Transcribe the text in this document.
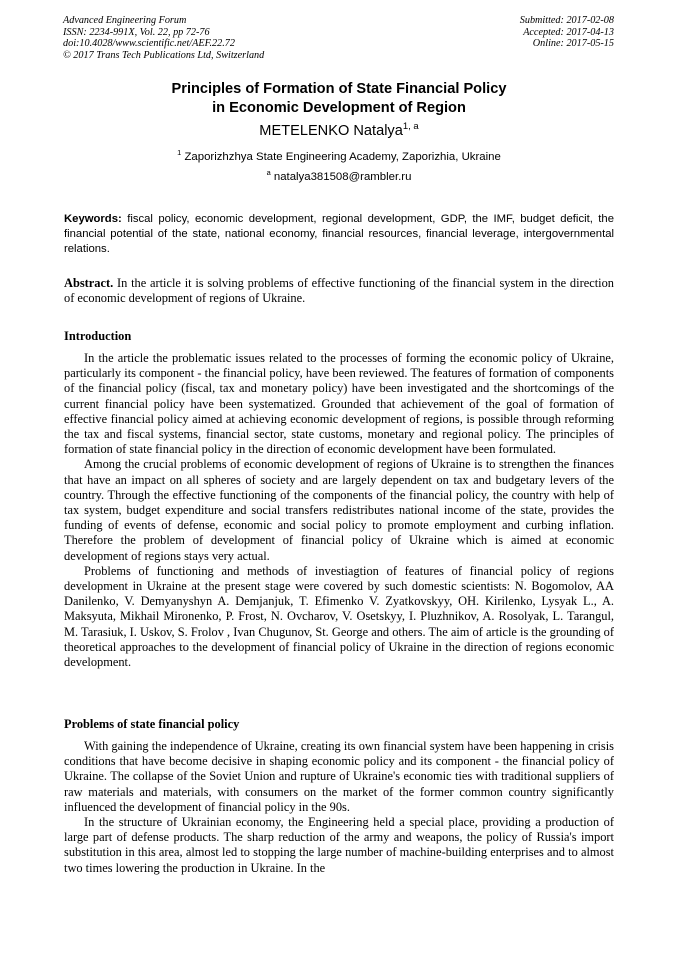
Advanced Engineering Forum
ISSN: 2234-991X, Vol. 22, pp 72-76
doi:10.4028/www.scientific.net/AEF.22.72
© 2017 Trans Tech Publications Ltd, Switzerland
Submitted: 2017-02-08
Accepted: 2017-04-13
Online: 2017-05-15
Principles of Formation of State Financial Policy
in Economic Development of Region
METELENKO Natalya$^{1, a}$
$^1$ Zaporizhzhya State Engineering Academy, Zaporizhia, Ukraine
$^a$ natalya381508@rambler.ru
Keywords: fiscal policy, economic development, regional development, GDP, the IMF, budget deficit, the financial potential of the state, national economy, financial resources, financial leverage, intergovernmental relations.
Abstract. In the article it is solving problems of effective functioning of the financial system in the direction of economic development of regions of Ukraine.
Introduction

In the article the problematic issues related to the processes of forming the economic policy of Ukraine, particularly its component - the financial policy, have been reviewed. The features of formation of components of the financial policy (fiscal, tax and monetary policy) have been investigated and the shortcomings of the current financial policy have been systematized. Grounded that achievement of the goal of formation of effective financial policy aimed at achieving economic development of regions, is possible through reforming the tax and fiscal systems, financial sector, state customs, monetary and regional policy. The principles of formation of state financial policy in the direction of economic development have been formulated.

Among the crucial problems of economic development of regions of Ukraine is to strengthen the finances that have an impact on all spheres of society and are largely dependent on tax and budgetary levers of the country. Through the effective functioning of the components of the financial policy, the country with help of tax system, budget expenditure and social transfers redistributes national income of the state, provides the funding of events of defense, economic and social policy to promote employment and curbing inflation. Therefore the problem of development of financial policy of Ukraine which is aimed at economic development of regions stays very actual.

Problems of functioning and methods of investiagtion of features of financial policy of regions development in Ukraine at the present stage were covered by such domestic scientists: N. Bogomolov, AA Danilenko, V. Demyanyshyn A. Demjanjuk, T. Efimenko V. Zyatkovskyy, OH. Kirilenko, Lysyak L., A. Maksyuta, Mikhail Mironenko, P. Frost, N. Ovcharov, V. Osetskyy, I. Pluzhnikov, A. Rosolyak, L. Tarangul, M. Tarasiuk, I. Uskov, S. Frolov , Ivan Chugunov, St. George and others. The aim of article is the grounding of theoretical approaches to the development of financial policy of Ukraine in the direction of regions economic development.

Problems of state financial policy

With gaining the independence of Ukraine, creating its own financial system have been happening in crisis conditions that have become decisive in shaping economic policy and its component - the financial policy of Ukraine. The collapse of the Soviet Union and rupture of Ukraine's economic ties with traditional suppliers of raw materials and materials, with consumers on the market of the former common country significantly influenced the development of financial policy in the 90s.

In the structure of Ukrainian economy, the Engineering held a special place, providing a production of large part of defense products. The sharp reduction of the army and weapons, the policy of Russia's import substitution in this area, almost led to stopping the large number of machine-building enterprises and to almost two times lowering the production in Ukraine. In the
